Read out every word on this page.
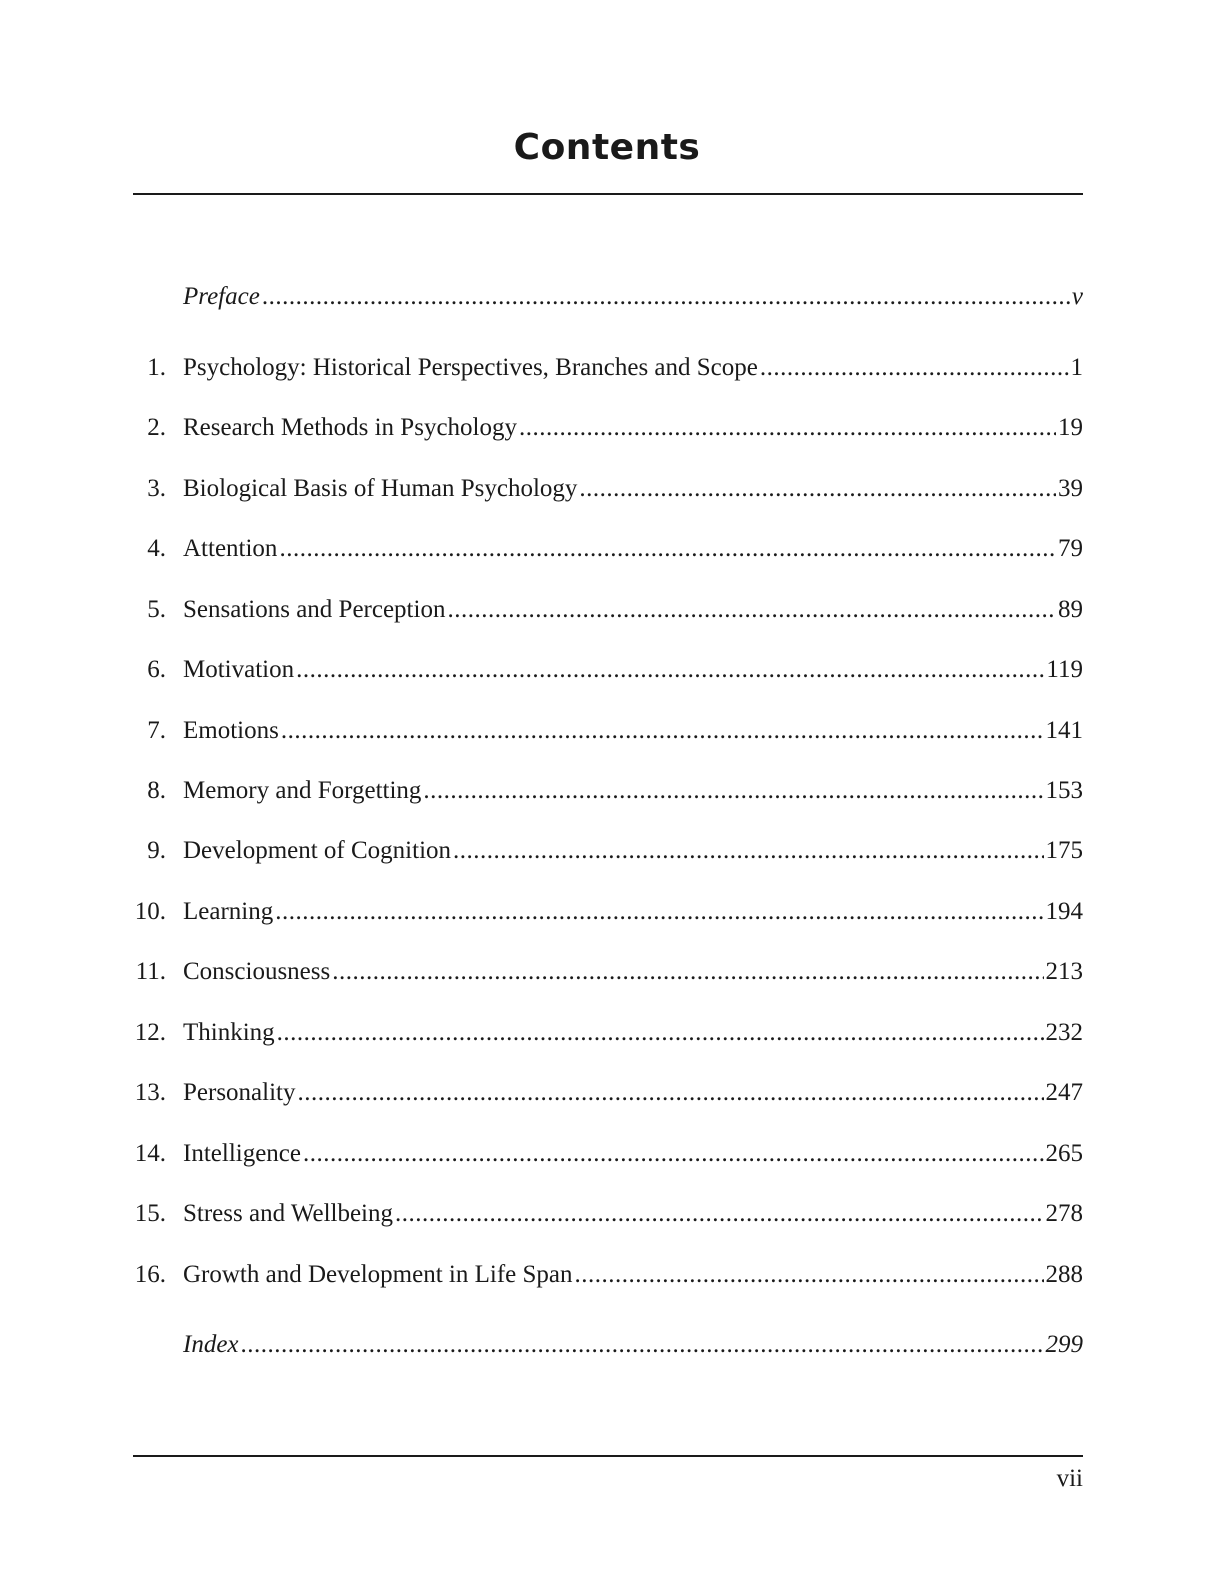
Contents
Preface .....	v
1. Psychology: Historical Perspectives, Branches and Scope .....	1
2. Research Methods in Psychology .....	19
3. Biological Basis of Human Psychology .....	39
4. Attention .....	79
5. Sensations and Perception .....	89
6. Motivation .....	119
7. Emotions .....	141
8. Memory and Forgetting .....	153
9. Development of Cognition .....	175
10. Learning .....	194
11. Consciousness .....	213
12. Thinking .....	232
13. Personality .....	247
14. Intelligence .....	265
15. Stress and Wellbeing .....	278
16. Growth and Development in Life Span .....	288
Index .....	299
vii
